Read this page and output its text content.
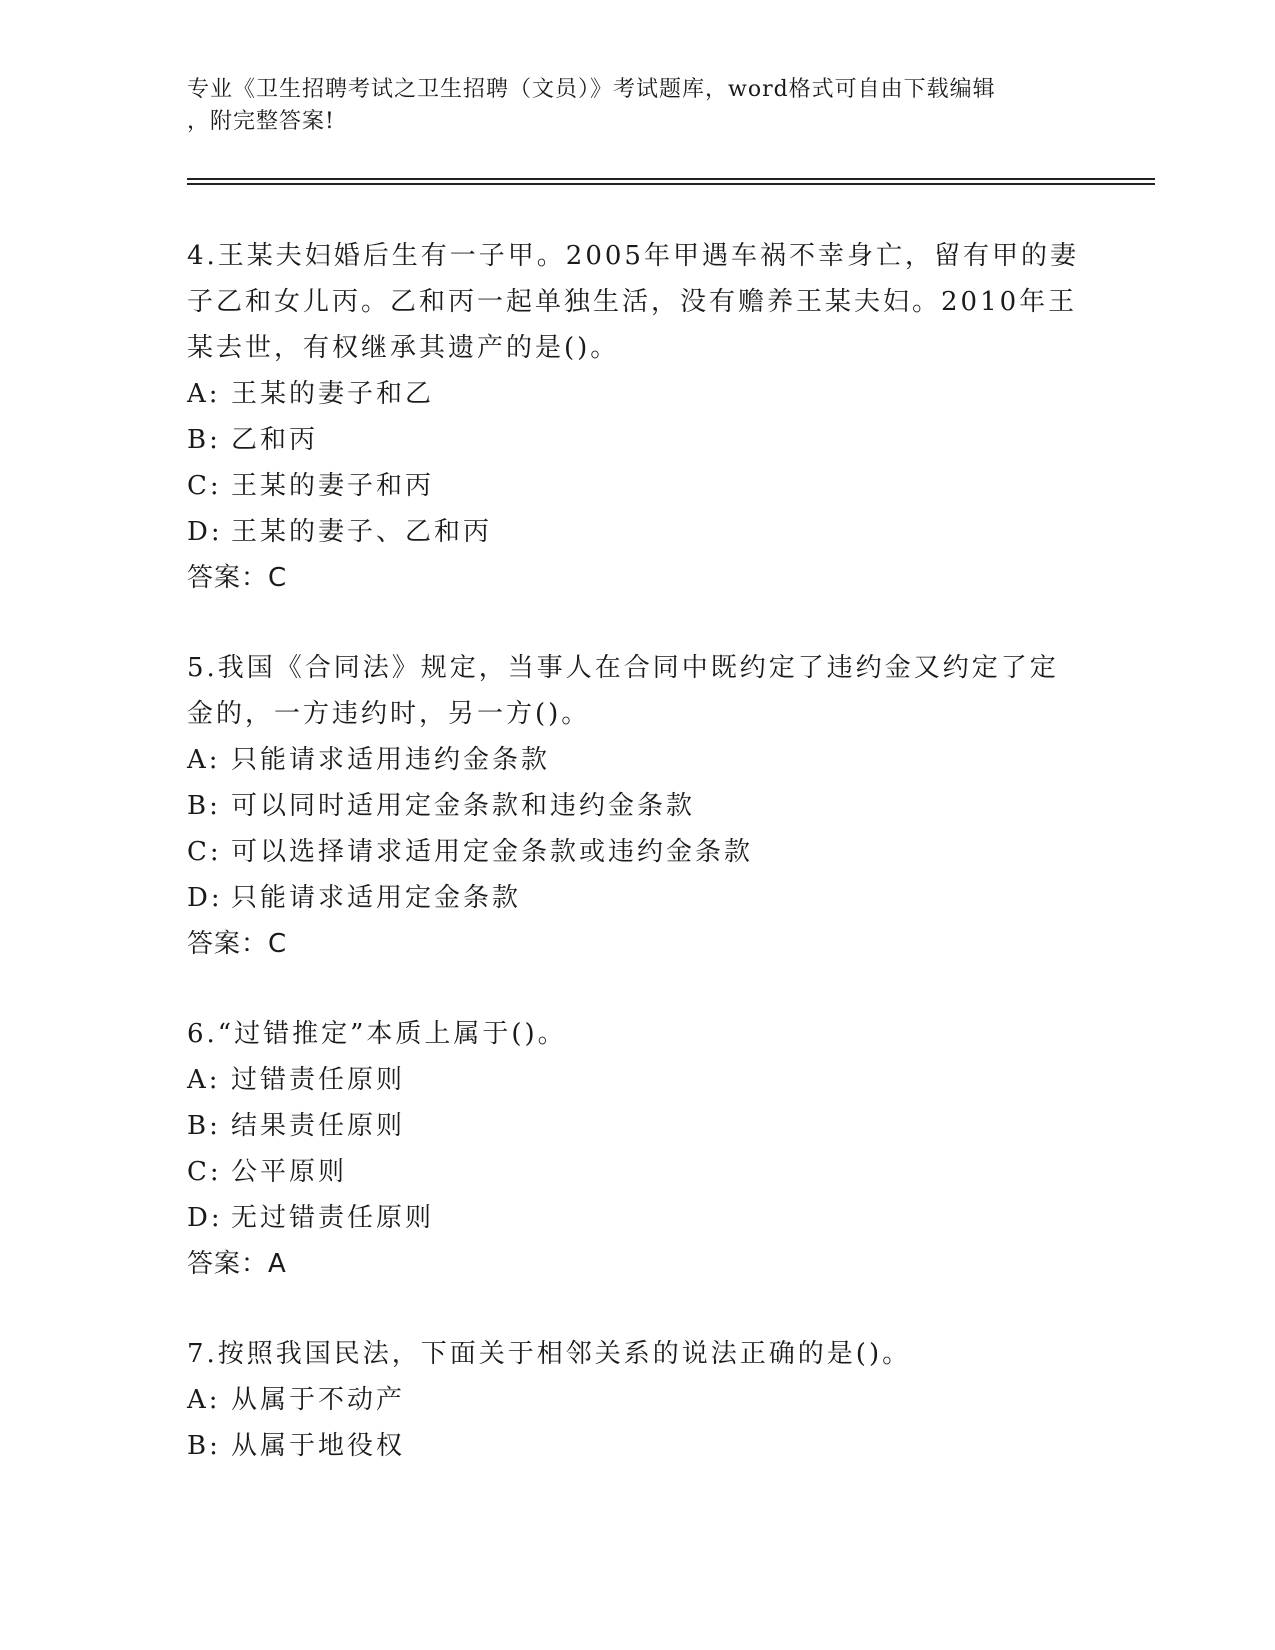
专业《卫生招聘考试之卫生招聘（文员）》考试题库，word格式可自由下载编辑
，附完整答案!

4.王某夫妇婚后生有一子甲。2005年甲遇车祸不幸身亡，留有甲的妻子乙和女儿丙。乙和丙一起单独生活，没有赡养王某夫妇。2010年王某去世，有权继承其遗产的是()。

A: 王某的妻子和乙
B: 乙和丙
C: 王某的妻子和丙
D: 王某的妻子、乙和丙
答案：C

5.我国《合同法》规定，当事人在合同中既约定了违约金又约定了定金的，一方违约时，另一方()。

A: 只能请求适用违约金条款
B: 可以同时适用定金条款和违约金条款
C: 可以选择请求适用定金条款或违约金条款
D: 只能请求适用定金条款
答案：C

6.“过错推定”本质上属于()。

A: 过错责任原则
B: 结果责任原则
C: 公平原则
D: 无过错责任原则
答案：A

7.按照我国民法，下面关于相邻关系的说法正确的是()。

A: 从属于不动产
B: 从属于地役权
